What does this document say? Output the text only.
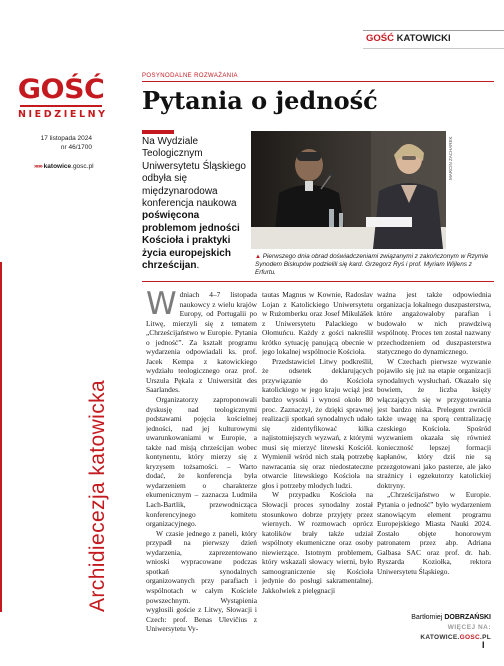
GOŚĆ
NIEDZIELNY
17 listopada 2024
nr 46/1700
»»» katowice.gosc.pl
Archidiecezja katowicka
GOŚĆ KATOWICKI
POSYNODALNE ROZWAŻANIA
Pytania o jedność

Na Wydziale Teologicznym Uniwersytetu Śląskiego odbyła się międzynarodowa konferencja naukowa poświęcona problemom jedności Kościoła i praktyki życia europejskich chrześcijan.

MARCIN ZACHAREK

▲ Pierwszego dnia obrad doświadczeniami związanymi z zakończonym w Rzymie Synodem Biskupów podzielili się kard. Grzegorz Ryś i prof. Myriam Wijlens z Erfurtu.

W dniach 4–7 listopada naukowcy z wielu krajów Europy, od Portugalii po Litwę, mierzyli się z tematem „Chrześcijaństwo w Europie. Pytania o jedność”. Za kształt programu wydarzenia odpowiadali ks. prof. Jacek Kempa z katowickiego wydziału teologicznego oraz prof. Urszula Pękala z Uniwersität des Saarlandes.

Organizatorzy zaproponowali dyskusję nad teologicznymi podstawami pojęcia kościelnej jedności, nad jej kulturowymi uwarunkowaniami w Europie, a także nad misją chrześcijan wobec kontynentu, który mierzy się z kryzysem tożsamości. – Warto dodać, że konferencja była wydarzeniem o charakterze ekumenicznym – zaznacza Ludmiła Lach-Bartlik, przewodnicząca konferencyjnego komitetu organizacyjnego.

W czasie jednego z paneli, który przypadł na pierwszy dzień wydarzenia, zaprezentowano wnioski wypracowane podczas spotkań synodalnych organizowanych przy parafiach i wspólnotach w całym Kościele powszechnym. Wystąpienia wygłosili goście z Litwy, Słowacji i Czech: prof. Benas Ulevičius z Uniwersytetu Vy-

tautas Magnus w Kownie, Radoslav Lojan z Katolickiego Uniwersytetu w Rużomberku oraz Josef Mikulášek z Uniwersytetu Palackiego w Ołomuńcu. Każdy z gości nakreślił krótko sytuację panującą obecnie w jego lokalnej wspólnocie Kościoła.

Przedstawiciel Litwy podkreślił, że odsetek deklarujących przywiązanie do Kościoła katolickiego w jego kraju wciąż jest bardzo wysoki i wynosi około 80 proc. Zaznaczył, że dzięki sprawnej realizacji spotkań synodalnych udało się zidentyfikować kilka najistotniejszych wyzwań, z którymi musi się mierzyć litewski Kościół. Wymienił wśród nich stałą potrzebę nawracania się oraz niedostateczne otwarcie litewskiego Kościoła na głos i potrzeby młodych ludzi.

W przypadku Kościoła na Słowacji proces synodalny został stosunkowo dobrze przyjęty przez wiernych. W rozmowach oprócz katolików brały także udział wspólnoty ekumeniczne oraz osoby niewierzące. Istotnym problemem, który wskazali słowacy wierni, było samoograniczenie się Kościoła jedynie do posługi sakramentalnej. Jakkolwiek z pielęgnacji

ważna jest także odpowiednia organizacja lokalnego duszpasterstwa, które angażowałoby parafian i budowało w nich prawdziwą wspólnotę. Proces ten został nazwany przechodzeniem od duszpasterstwa statycznego do dynamicznego.

W Czechach pierwsze wyzwanie pojawiło się już na etapie organizacji synodalnych wysłuchań. Okazało się bowiem, że liczba księży włączających się w przygotowania jest bardzo niska. Prelegent zwrócił także uwagę na sporą centralizację czeskiego Kościoła. Spośród wyzwaniem okazała się również konieczność lepszej formacji kapłanów, który dziś nie są przezgotowani jako pasterze, ale jako strażnicy i egzekutorzy katolickiej doktryny.

„Chrześcijaństwo w Europie. Pytania o jedność” było wydarzeniem stanowiącym element programu Europejskiego Miasta Nauki 2024. Zostało objęte honorowym patronatem przez abp. Adriana Galbasa SAC oraz prof. dr. hab. Ryszarda Koziołka, rektora Uniwersytetu Śląskiego.

Bartłomiej DOBRZAŃSKI
WIĘCEJ NA:
KATOWICE.GOSC.PL
I
